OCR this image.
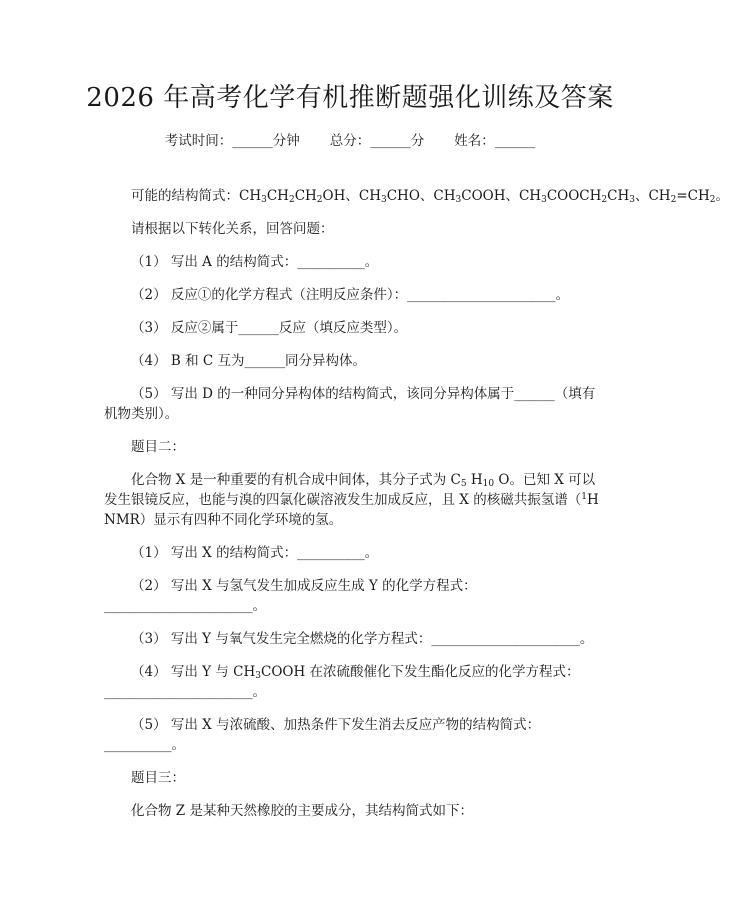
2026 年高考化学有机推断题强化训练及答案
考试时间：______分钟 总分：______分 姓名：______

可能的结构简式：$CH_3CH_2CH_2OH$、$CH_3CHO$、$CH_3COOH$、$CH_3COOCH_2CH_3$、$CH_2=CH_2$。

请根据以下转化关系，回答问题：

（1） 写出 A 的结构简式：__________。

（2） 反应①的化学方程式（注明反应条件）：______________________。

（3） 反应②属于______反应（填反应类型）。

（4） B 和 C 互为______同分异构体。

（5） 写出 D 的一种同分异构体的结构简式，该同分异构体属于______（填有

机物类别）。

题目二：

化合物 X 是一种重要的有机合成中间体，其分子式为 $C_5$ $H_{10}$ O。已知 X 可以

发生银镜反应，也能与溴的四氯化碳溶液发生加成反应，且 X 的核磁共振氢谱（$^1$H

NMR）显示有四种不同化学环境的氢。

（1） 写出 X 的结构简式：__________。

（2） 写出 X 与氢气发生加成反应生成 Y 的化学方程式：

______________________。

（3） 写出 Y 与氧气发生完全燃烧的化学方程式：______________________。

（4） 写出 Y 与 $CH_3COOH$ 在浓硫酸催化下发生酯化反应的化学方程式：

______________________。

（5） 写出 X 与浓硫酸、加热条件下发生消去反应产物的结构简式：

__________。

题目三：

化合物 Z 是某种天然橡胶的主要成分，其结构简式如下：
